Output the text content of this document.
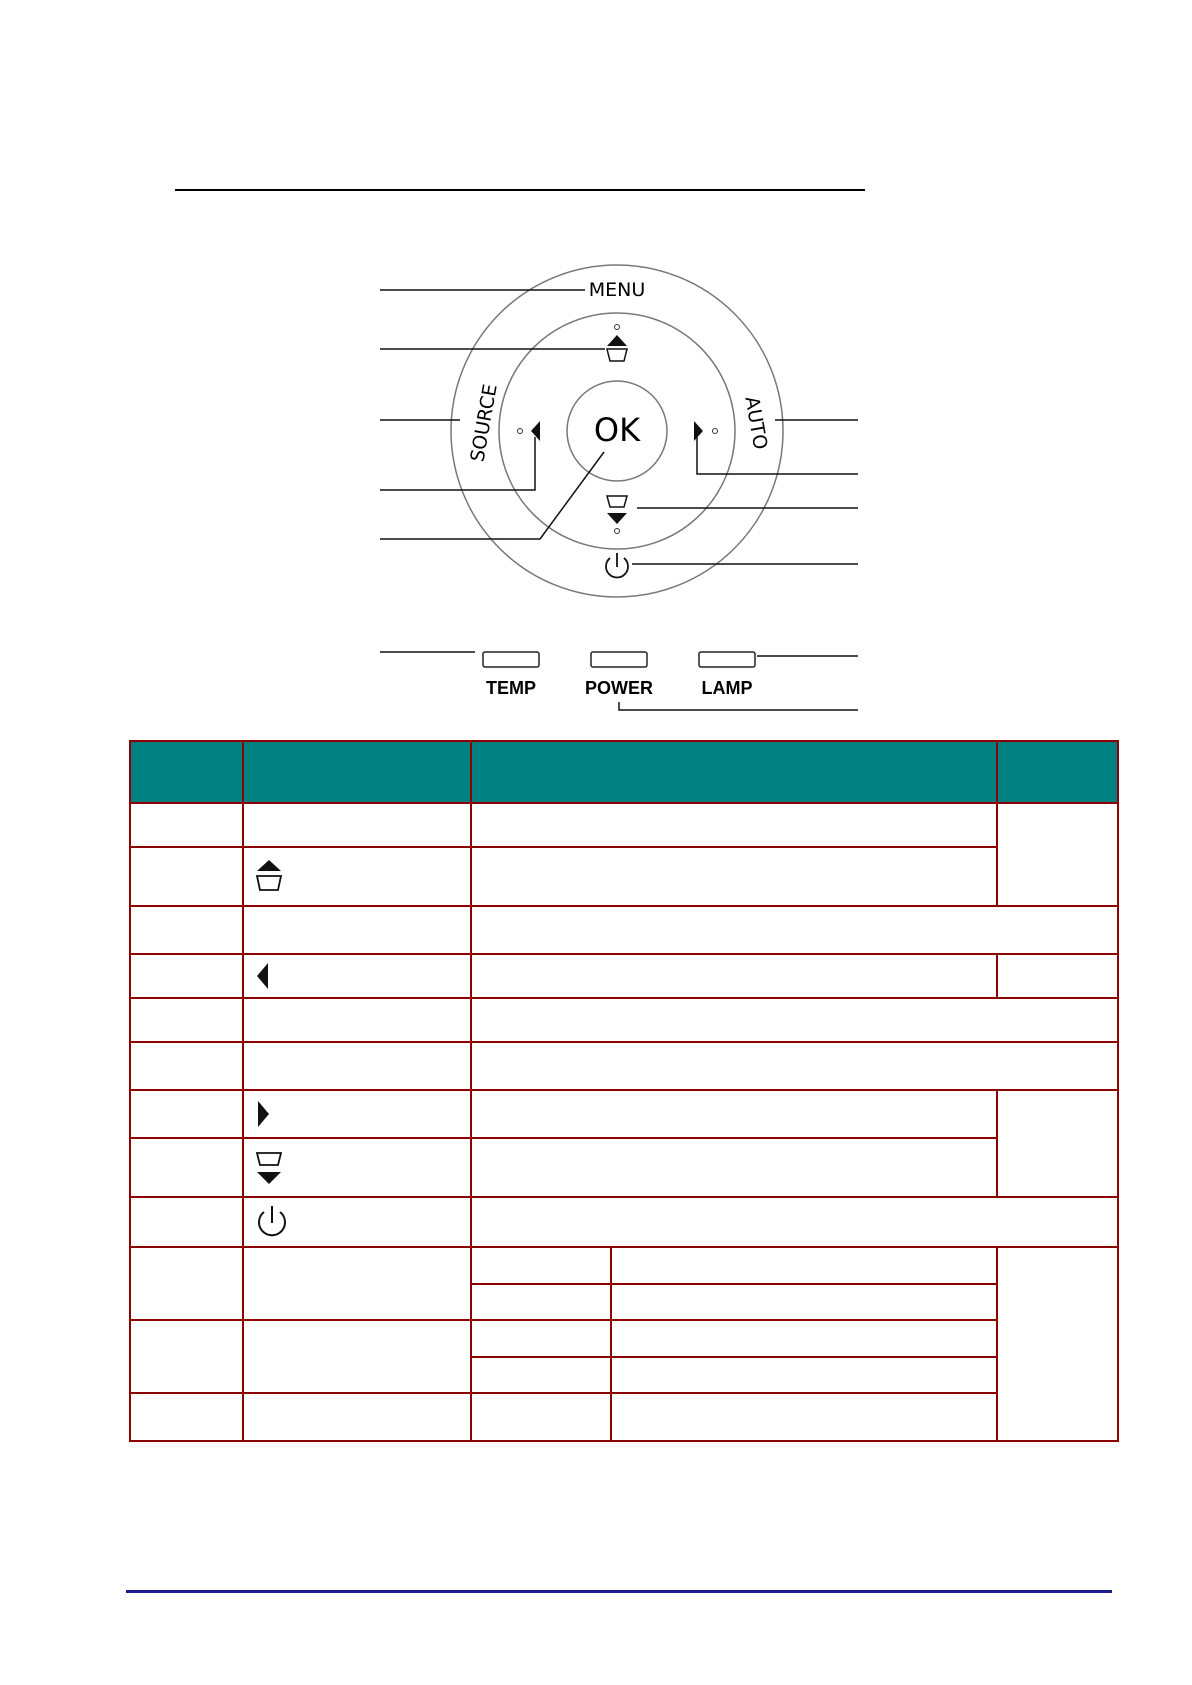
OK
MENU
SOURCE	AUTO
TEMP	POWER	LAMP
